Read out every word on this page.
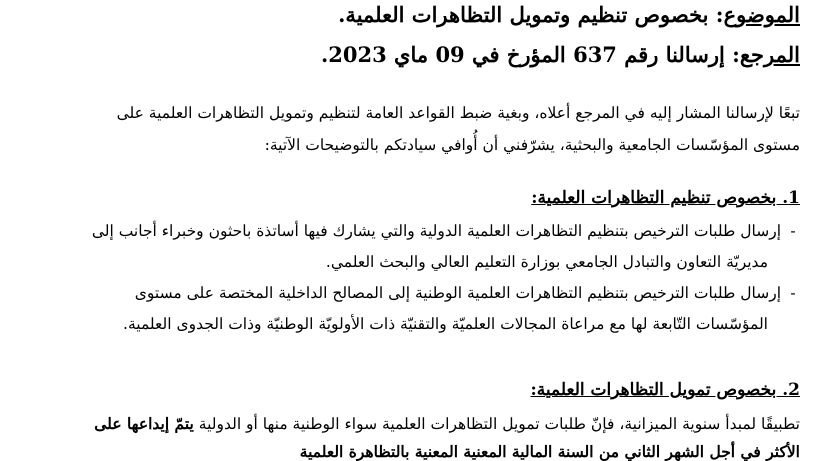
الموضوع: بخصوص تنظيم وتمويل التظاهرات العلمية.
المرجع: إرسالنا رقم 637 المؤرخ في 09 ماي 2023.
تبعًا لإرسالنا المشار إليه في المرجع أعلاه، وبغية ضبط القواعد العامة لتنظيم وتمويل التظاهرات العلمية على
مستوى المؤسّسات الجامعية والبحثية، يشرّفني أن أُوافي سيادتكم بالتوضيحات الآتية:
1. بخصوص تنظيم التظاهرات العلمية:
- إرسال طلبات الترخيص بتنظيم التظاهرات العلمية الدولية والتي يشارك فيها أساتذة باحثون وخبراء أجانب إلى
مديريّة التعاون والتبادل الجامعي بوزارة التعليم العالي والبحث العلمي.
- إرسال طلبات الترخيص بتنظيم التظاهرات العلمية الوطنية إلى المصالح الداخلية المختصة على مستوى
المؤسّسات التّابعة لها مع مراعاة المجالات العلميّة والتقنيّة ذات الأولويّة الوطنيّة وذات الجدوى العلمية.
2. بخصوص تمويل التظاهرات العلمية:
تطبيقًا لمبدأ سنوية الميزانية، فإنّ طلبات تمويل التظاهرات العلمية سواء الوطنية منها أو الدولية يتمّ إيداعها على
الأكثر في أجل الشهر الثاني من السنة المالية المعنية المعنية بالتظاهرة العلمية
